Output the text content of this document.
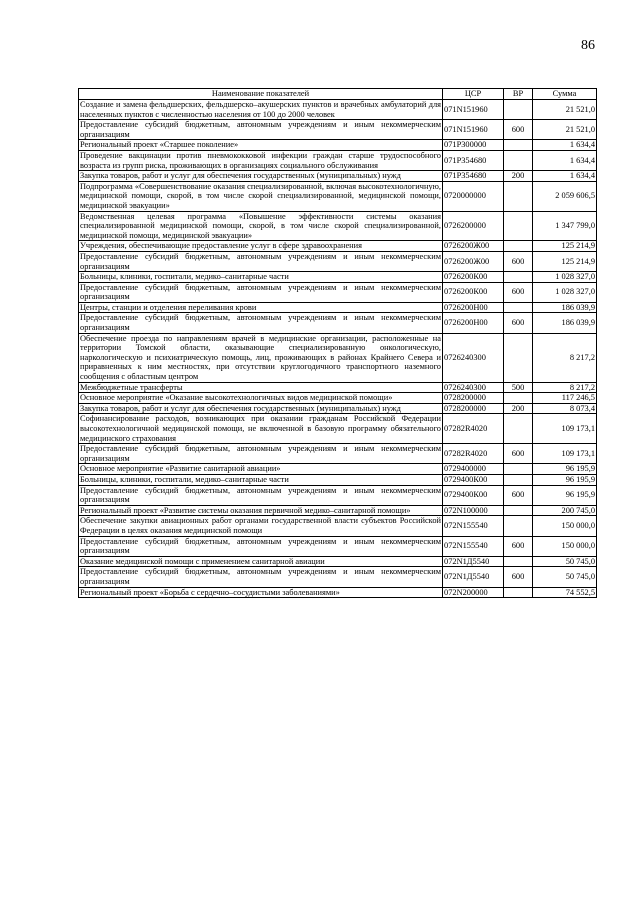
86
Наименование показателей	ЦСР	ВР	Сумма
Создание и замена фельдшерских, фельдшерско–акушерских пунктов и врачебных амбулаторий для населенных пунктов с численностью населения от 100 до 2000 человек	071N151960		21 521,0
Предоставление субсидий бюджетным, автономным учреждениям и иным некоммерческим организациям	071N151960	600	21 521,0
Региональный проект «Старшее поколение»	071P300000		1 634,4
Проведение вакцинации против пневмококковой инфекции граждан старше трудоспособного возраста из групп риска, проживающих в организациях социального обслуживания	071P354680		1 634,4
Закупка товаров, работ и услуг для обеспечения государственных (муниципальных) нужд	071P354680	200	1 634,4
Подпрограмма «Совершенствование оказания специализированной, включая высокотехнологичную, медицинской помощи, скорой, в том числе скорой специализированной, медицинской помощи, медицинской эвакуации»	0720000000		2 059 606,5
Ведомственная целевая программа «Повышение эффективности системы оказания специализированной медицинской помощи, скорой, в том числе скорой специализированной, медицинской помощи, медицинской эвакуации»	0726200000		1 347 799,0
Учреждения, обеспечивающие предоставление услуг в сфере здравоохранения	0726200Ж00		125 214,9
Предоставление субсидий бюджетным, автономным учреждениям и иным некоммерческим организациям	0726200Ж00	600	125 214,9
Больницы, клиники, госпитали, медико–санитарные части	0726200К00		1 028 327,0
Предоставление субсидий бюджетным, автономным учреждениям и иным некоммерческим организациям	0726200К00	600	1 028 327,0
Центры, станции и отделения переливания крови	0726200Н00		186 039,9
Предоставление субсидий бюджетным, автономным учреждениям и иным некоммерческим организациям	0726200Н00	600	186 039,9
Обеспечение проезда по направлениям врачей в медицинские организации, расположенные на территории Томской области, оказывающие специализированную онкологическую, наркологическую и психиатрическую помощь, лиц, проживающих в районах Крайнего Севера и приравненных к ним местностях, при отсутствии круглогодичного транспортного наземного сообщения с областным центром	0726240300		8 217,2
Межбюджетные трансферты	0726240300	500	8 217,2
Основное мероприятие «Оказание высокотехнологичных видов медицинской помощи»	0728200000		117 246,5
Закупка товаров, работ и услуг для обеспечения государственных (муниципальных) нужд	0728200000	200	8 073,4
Софинансирование расходов, возникающих при оказании гражданам Российской Федерации высокотехнологичной медицинской помощи, не включенной в базовую программу обязательного медицинского страхования	07282R4020		109 173,1
Предоставление субсидий бюджетным, автономным учреждениям и иным некоммерческим организациям	07282R4020	600	109 173,1
Основное мероприятие «Развитие санитарной авиации»	0729400000		96 195,9
Больницы, клиники, госпитали, медико–санитарные части	0729400К00		96 195,9
Предоставление субсидий бюджетным, автономным учреждениям и иным некоммерческим организациям	0729400К00	600	96 195,9
Региональный проект «Развитие системы оказания первичной медико–санитарной помощи»	072N100000		200 745,0
Обеспечение закупки авиационных работ органами государственной власти субъектов Российской Федерации в целях оказания медицинской помощи	072N155540		150 000,0
Предоставление субсидий бюджетным, автономным учреждениям и иным некоммерческим организациям	072N155540	600	150 000,0
Оказание медицинской помощи с применением санитарной авиации	072N1Д5540		50 745,0
Предоставление субсидий бюджетным, автономным учреждениям и иным некоммерческим организациям	072N1Д5540	600	50 745,0
Региональный проект «Борьба с сердечно–сосудистыми заболеваниями»	072N200000		74 552,5
